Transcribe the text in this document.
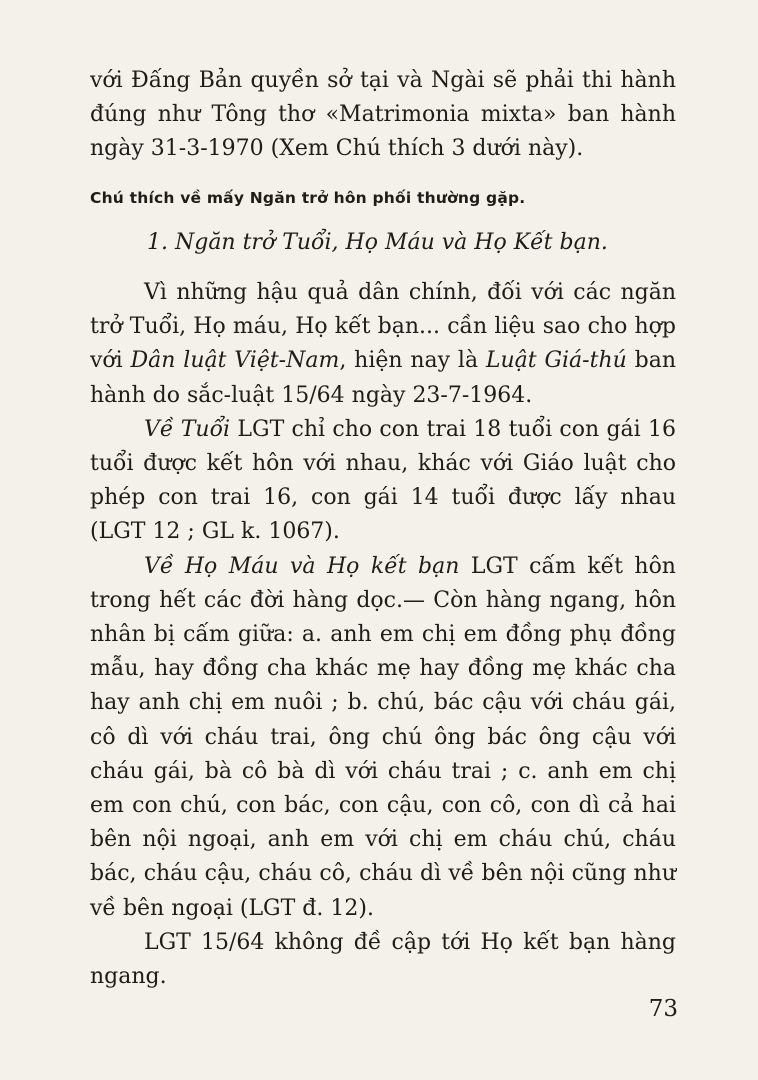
với Đấng Bản quyền sở tại và Ngài sẽ phải thi hành đúng như Tông thơ «Matrimonia mixta» ban hành ngày 31-3-1970 (Xem Chú thích 3 dưới này).

Chú thích về mấy Ngăn trở hôn phối thường gặp.
1. Ngăn trở Tuổi, Họ Máu và Họ Kết bạn.

Vì những hậu quả dân chính, đối với các ngăn trở Tuổi, Họ máu, Họ kết bạn... cần liệu sao cho hợp với Dân luật Việt-Nam, hiện nay là Luật Giá-thú ban hành do sắc-luật 15/64 ngày 23-7-1964.

Về Tuổi LGT chỉ cho con trai 18 tuổi con gái 16 tuổi được kết hôn với nhau, khác với Giáo luật cho phép con trai 16, con gái 14 tuổi được lấy nhau (LGT 12 ; GL k. 1067).

Về Họ Máu và Họ kết bạn LGT cấm kết hôn trong hết các đời hàng dọc.— Còn hàng ngang, hôn nhân bị cấm giữa: a. anh em chị em đồng phụ đồng mẫu, hay đồng cha khác mẹ hay đồng mẹ khác cha hay anh chị em nuôi ; b. chú, bác cậu với cháu gái, cô dì với cháu trai, ông chú ông bác ông cậu với cháu gái, bà cô bà dì với cháu trai ; c. anh em chị em con chú, con bác, con cậu, con cô, con dì cả hai bên nội ngoại, anh em với chị em cháu chú, cháu bác, cháu cậu, cháu cô, cháu dì về bên nội cũng như về bên ngoại (LGT đ. 12).

LGT 15/64 không đề cập tới Họ kết bạn hàng ngang.

73
